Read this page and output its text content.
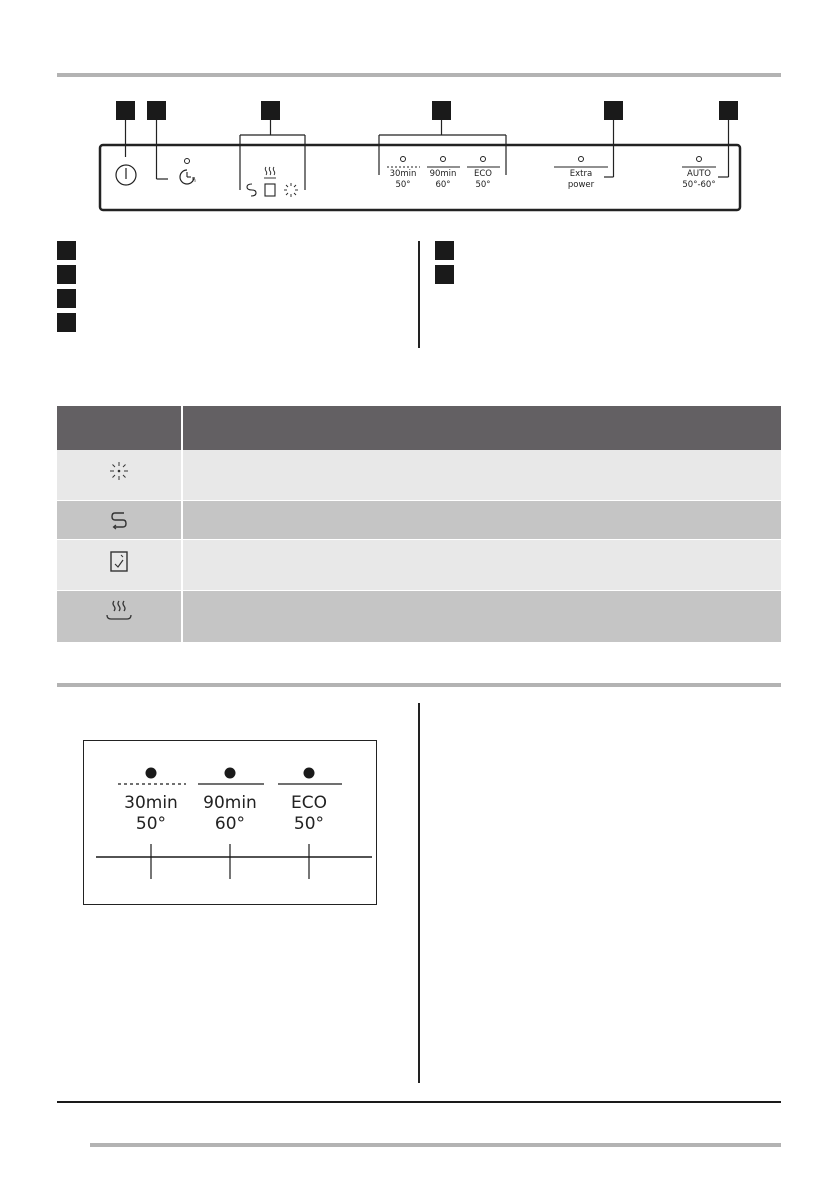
30min
50°
90min
60°
ECO
50°
Extra
power
AUTO
50°-60°
h
30min
50°
90min
60°
ECO
50°
